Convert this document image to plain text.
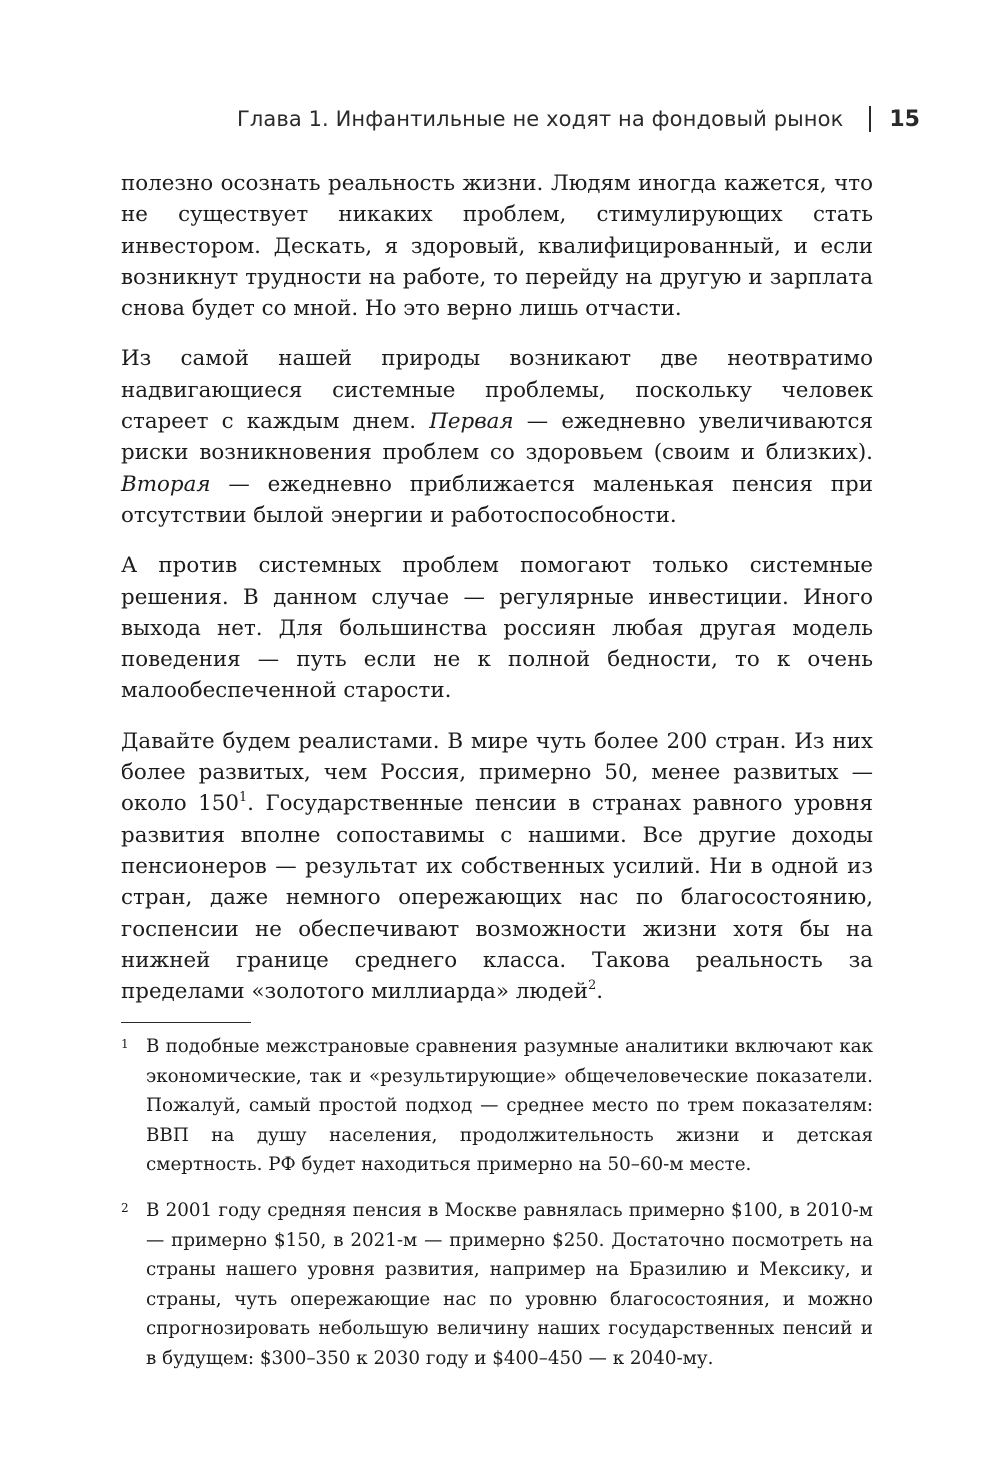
Глава 1. Инфантильные не ходят на фондовый рынок 15

полезно осознать реальность жизни. Людям иногда кажется, что не существует никаких проблем, стимулирующих стать инвестором. Дескать, я здоровый, квалифицированный, и если возникнут трудности на работе, то перейду на другую и зарплата снова будет со мной. Но это верно лишь отчасти.

Из самой нашей природы возникают две неотвратимо надвигающиеся системные проблемы, поскольку человек стареет с каждым днем. Первая — ежедневно увеличиваются риски возникновения проблем со здоровьем (своим и близких). Вторая — ежедневно приближается маленькая пенсия при отсутствии былой энергии и работоспособности.

А против системных проблем помогают только системные решения. В данном случае — регулярные инвестиции. Иного выхода нет. Для большинства россиян любая другая модель поведения — путь если не к полной бедности, то к очень малообеспеченной старости.

Давайте будем реалистами. В мире чуть более 200 стран. Из них более развитых, чем Россия, примерно 50, менее развитых — около $150^1$. Государственные пенсии в странах равного уровня развития вполне сопоставимы с нашими. Все другие доходы пенсионеров — результат их собственных усилий. Ни в одной из стран, даже немного опережающих нас по благосостоянию, госпенсии не обеспечивают возможности жизни хотя бы на нижней границе среднего класса. Такова реальность за пределами «золотого миллиарда» людей$^2$.

1 В подобные межстрановые сравнения разумные аналитики включают как экономические, так и «результирующие» общечеловеческие показатели. Пожалуй, самый простой подход — среднее место по трем показателям: ВВП на душу населения, продолжительность жизни и детская смертность. РФ будет находиться примерно на 50–60-м месте.
2 В 2001 году средняя пенсия в Москве равнялась примерно $100, в 2010-м — примерно $150, в 2021-м — примерно $250. Достаточно посмотреть на страны нашего уровня развития, например на Бразилию и Мексику, и страны, чуть опережающие нас по уровню благосостояния, и можно спрогнозировать небольшую величину наших государственных пенсий и в будущем: $300–350 к 2030 году и $400–450 — к 2040-му.
